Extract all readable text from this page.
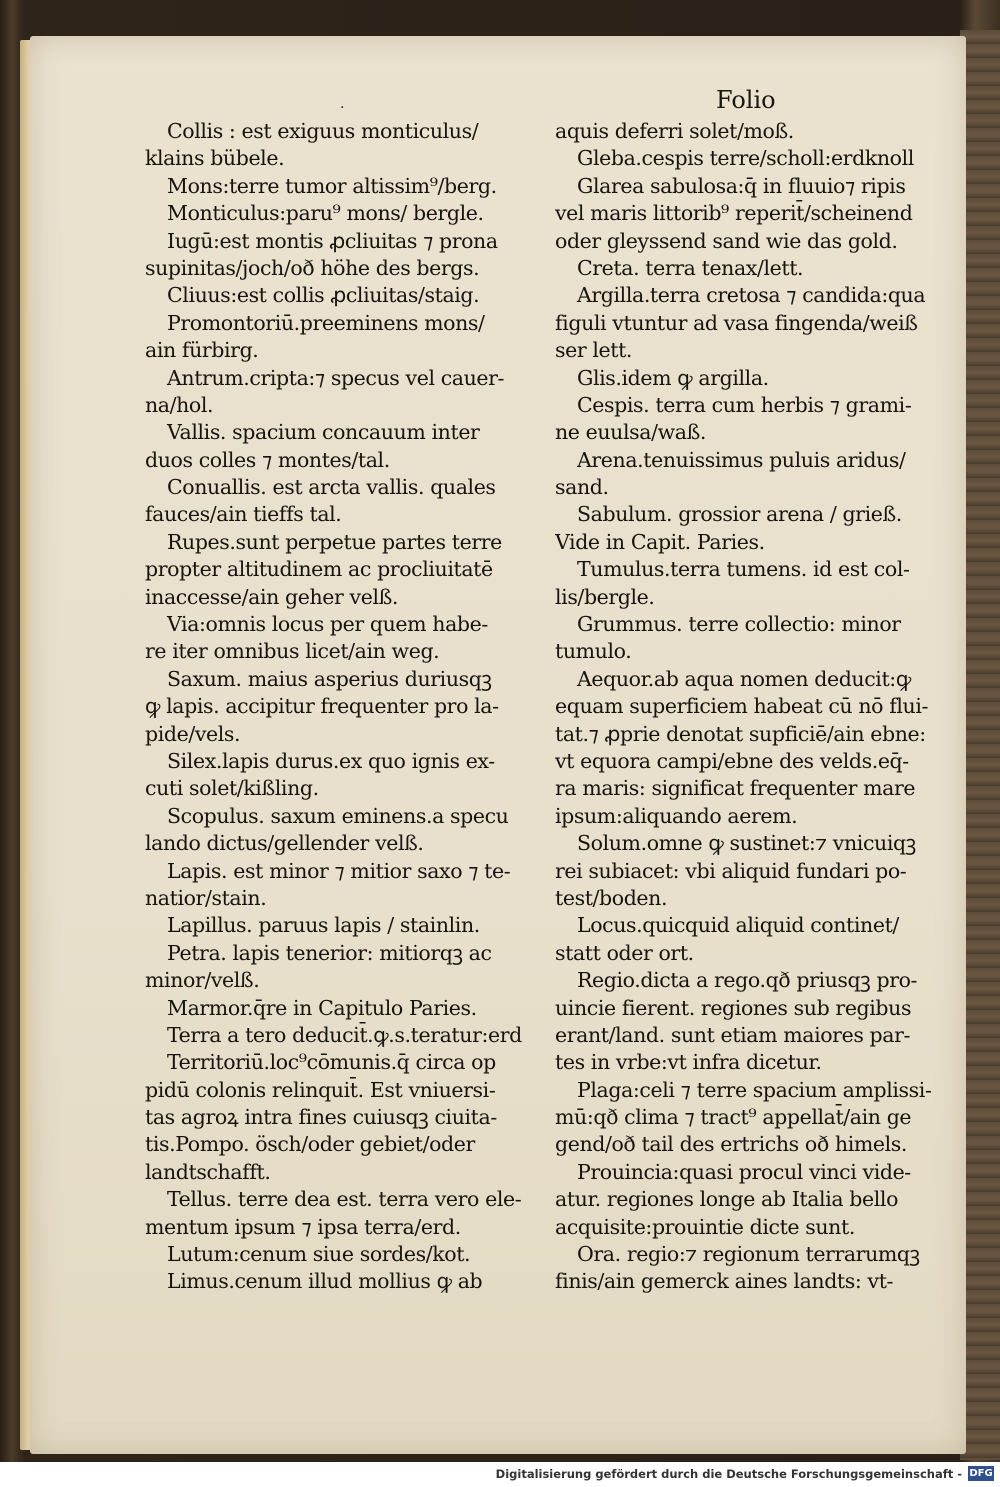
.	Folio
Collis : est exiguus monticulus/
klains bübele.
Mons:terre tumor altissim⁹/berg.
Monticulus:paru⁹ mons/ bergle.
Iugū:est montis ꝓcliuitas ⁊ prona
supinitas/joch/oð höhe des bergs.
Cliuus:est collis ꝓcliuitas/staig.
Promontoriū.preeminens mons/
ain fürbirg.
Antrum.cripta:⁊ specus vel cauer-
na/hol.
Vallis. spacium concauum inter
duos colles ⁊ montes/tal.
Conuallis. est arcta vallis. quales
fauces/ain tieffs tal.
Rupes.sunt perpetue partes terre
propter altitudinem ac procliuitatē
inaccesse/ain geher velß.
Via:omnis locus per quem habe-
re iter omnibus licet/ain weg.
Saxum. maius asperius duriusqꝫ
ꝙ lapis. accipitur frequenter pro la-
pide/vels.
Silex.lapis durus.ex quo ignis ex-
cuti solet/kißling.
Scopulus. saxum eminens.a specu
lando dictus/gellender velß.
Lapis. est minor ⁊ mitior saxo ⁊ te-
natior/stain.
Lapillus. paruus lapis / stainlin.
Petra. lapis tenerior: mitiorqꝫ ac
minor/velß.
Marmor.q̄re in Capitulo Paries.
Terra a tero deducit̄.ꝙ.s.teratur:erd
Territoriū.loc⁹cōmunis.q̄ circa op
pidū colonis relinquit̄. Est vniuersi-
tas agroꝝ intra fines cuiusqꝫ ciuita-
tis.Pompo. ösch/oder gebiet/oder
landtschafft.
Tellus. terre dea est. terra vero ele-
mentum ipsum ⁊ ipsa terra/erd.
Lutum:cenum siue sordes/kot.
Limus.cenum illud mollius ꝙ ab
aquis deferri solet/moß.
Gleba.cespis terre/scholl:erdknoll
Glarea sabulosa:q̄ in fluuio⁊ ripis
vel maris littorib⁹ reperit̄/scheinend
oder gleyssend sand wie das gold.
Creta. terra tenax/lett.
Argilla.terra cretosa ⁊ candida:qua
figuli vtuntur ad vasa fingenda/weiß
ser lett.
Glis.idem ꝙ argilla.
Cespis. terra cum herbis ⁊ grami-
ne euulsa/waß.
Arena.tenuissimus puluis aridus/
sand.
Sabulum. grossior arena / grieß.
Vide in Capit. Paries.
Tumulus.terra tumens. id est col-
lis/bergle.
Grummus. terre collectio: minor
tumulo.
Aequor.ab aqua nomen deducit:ꝙ
equam superficiem habeat cū nō flui-
tat.⁊ ꝓprie denotat supficiē/ain ebne:
vt equora campi/ebne des velds.eq̄-
ra maris: significat frequenter mare
ipsum:aliquando aerem.
Solum.omne ꝙ sustinet:⁊ vnicuiqꝫ
rei subiacet: vbi aliquid fundari po-
test/boden.
Locus.quicquid aliquid continet/
statt oder ort.
Regio.dicta a rego.qð priusqꝫ pro-
uincie fierent. regiones sub regibus
erant/land. sunt etiam maiores par-
tes in vrbe:vt infra dicetur.
Plaga:celi ⁊ terre spacium amplissi-
mū:qð clima ⁊ tract⁹ appellat̄/ain ge
gend/oð tail des ertrichs oð himels.
Prouincia:quasi procul vinci vide-
atur. regiones longe ab Italia bello
acquisite:prouintie dicte sunt.
Ora. regio:⁊ regionum terrarumqꝫ
finis/ain gemerck aines landts: vt-
Digitalisierung gefördert durch die Deutsche Forschungsgemeinschaft - DFG
